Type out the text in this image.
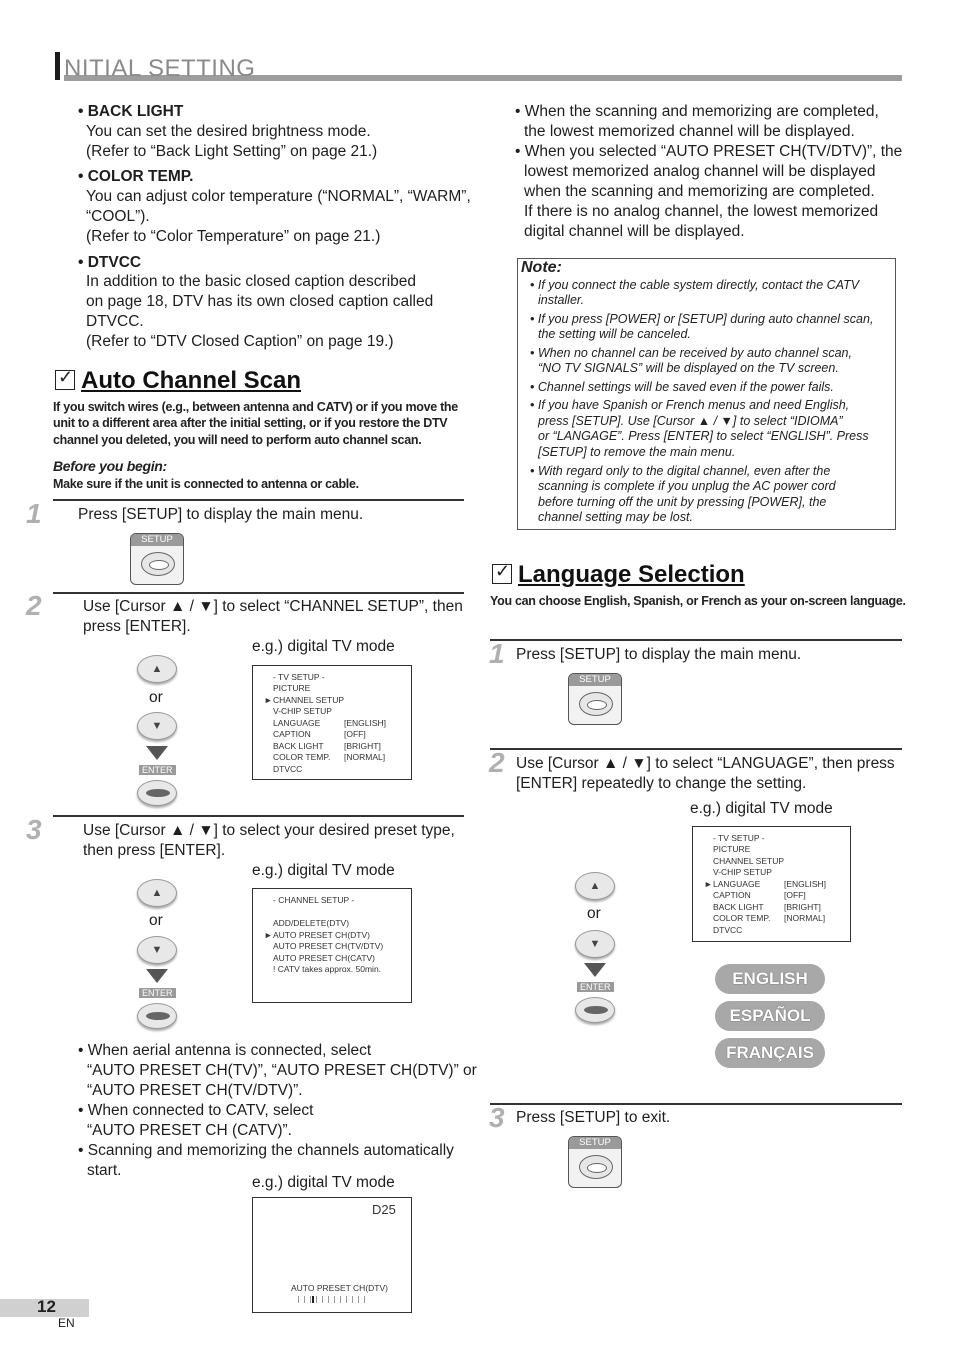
NITIAL SETTING
• BACK LIGHT
You can set the desired brightness mode.
(Refer to “Back Light Setting” on page 21.)
• COLOR TEMP.
You can adjust color temperature (“NORMAL”, “WARM”,
“COOL”).
(Refer to “Color Temperature” on page 21.)
• DTVCC
In addition to the basic closed caption described
on page 18, DTV has its own closed caption called
DTVCC.
(Refer to “DTV Closed Caption” on page 19.)
✓Auto Channel Scan
If you switch wires (e.g., between antenna and CATV) or if you move the
unit to a different area after the initial setting, or if you restore the DTV
channel you deleted, you will need to perform auto channel scan.
Before you begin:
Make sure if the unit is connected to antenna or cable.
1 Press [SETUP] to display the main menu.
SETUP
2	Use [Cursor ▲ / ▼] to select “CHANNEL SETUP”, then
press [ENTER].
e.g.) digital TV mode
▲
or
▼
ENTER
- TV SETUP -
PICTURE
► CHANNEL SETUP
V-CHIP SETUP
LANGUAGE
CAPTION
BACK LIGHT
COLOR TEMP.
DTVCC
[ENGLISH]
[OFF]
[BRIGHT]
[NORMAL]
3	Use [Cursor ▲ / ▼] to select your desired preset type,
then press [ENTER].
e.g.) digital TV mode
▲
or
▼
ENTER
- CHANNEL SETUP -
ADD/DELETE(DTV)
► AUTO PRESET CH(DTV)
AUTO PRESET CH(TV/DTV)
AUTO PRESET CH(CATV)
! CATV takes approx. 50min.
• When aerial antenna is connected, select
“AUTO PRESET CH(TV)”, “AUTO PRESET CH(DTV)” or
“AUTO PRESET CH(TV/DTV)”.
• When connected to CATV, select
“AUTO PRESET CH (CATV)”.
• Scanning and memorizing the channels automatically
start.
e.g.) digital TV mode
D25
AUTO PRESET CH(DTV)
12
EN
• When the scanning and memorizing are completed,
the lowest memorized channel will be displayed.
• When you selected “AUTO PRESET CH(TV/DTV)”, the
lowest memorized analog channel will be displayed
when the scanning and memorizing are completed.
If there is no analog channel, the lowest memorized
digital channel will be displayed.
Note:
• If you connect the cable system directly, contact the CATV
installer.
• If you press [POWER] or [SETUP] during auto channel scan,
the setting will be canceled.
• When no channel can be received by auto channel scan,
“NO TV SIGNALS” will be displayed on the TV screen.
• Channel settings will be saved even if the power fails.
• If you have Spanish or French menus and need English,
press [SETUP]. Use [Cursor ▲ / ▼] to select “IDIOMA”
or “LANGAGE”. Press [ENTER] to select “ENGLISH”. Press
[SETUP] to remove the main menu.
• With regard only to the digital channel, even after the
scanning is complete if you unplug the AC power cord
before turning off the unit by pressing [POWER], the
channel setting may be lost.
✓Language Selection
You can choose English, Spanish, or French as your on-screen language.
1 Press [SETUP] to display the main menu.
SETUP
2 Use [Cursor ▲ / ▼] to select “LANGUAGE”, then press
[ENTER] repeatedly to change the setting.
e.g.) digital TV mode
▲
or
▼
ENTER
- TV SETUP -
PICTURE
CHANNEL SETUP
V-CHIP SETUP
► LANGUAGE
CAPTION
BACK LIGHT
COLOR TEMP.
DTVCC
[ENGLISH]
[OFF]
[BRIGHT]
[NORMAL]
ENGLISH
ESPAÑOL
FRANÇAIS
3 Press [SETUP] to exit.
SETUP
